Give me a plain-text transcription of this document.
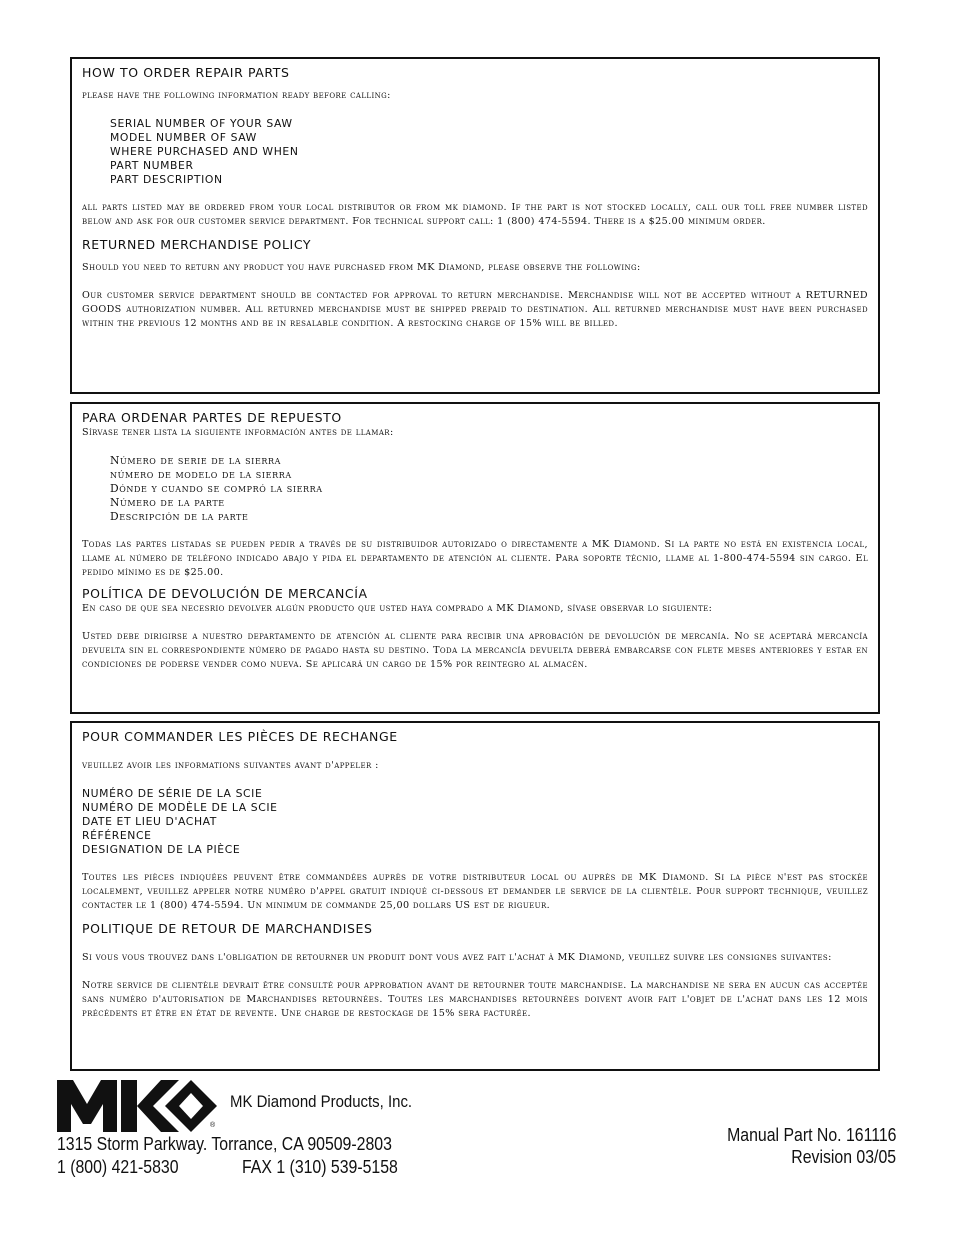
HOW TO ORDER REPAIR PARTS

please have the following information ready before calling:

SERIAL NUMBER OF YOUR SAW
MODEL NUMBER OF SAW
WHERE PURCHASED AND WHEN
PART NUMBER
PART DESCRIPTION

all parts listed may be ordered from your local distributor or from mk diamond. If the part is not stocked locally, call our toll free number listed below and ask for our customer service department. For technical support call: 1 (800) 474-5594. There is a $25.00 minimum order.

RETURNED MERCHANDISE POLICY

Should you need to return any product you have purchased from MK Diamond, please observe the following:

Our customer service department should be contacted for approval to return merchandise. Merchandise will not be accepted without a RETURNED GOODS authorization number. All returned merchandise must be shipped prepaid to destination. All returned merchandise must have been purchased within the previous 12 months and be in resalable condition. A restocking charge of 15% will be billed.

PARA ORDENAR PARTES DE REPUESTO

Sírvase tener lista la siguiente información antes de llamar:

Número de serie de la sierra
número de modelo de la sierra
Dónde y cuando se compró la sierra
Número de la parte
Descripción de la parte

Todas las partes listadas se pueden pedir a través de su distribuidor autorizado o directamente a MK Diamond. Si la parte no está en existencia local, llame al número de teléfono indicado abajo y pida el departamento de atención al cliente. Para soporte técnio, llame al 1-800-474-5594 sin cargo. El pedido mínimo es de $25.00.

POLÍTICA DE DEVOLUCIÓN DE MERCANCÍA

En caso de que sea necesrio devolver algún producto que usted haya comprado a MK Diamond, sívase observar lo siguiente:

Usted debe dirigirse a nuestro departamento de atención al cliente para recibir una aprobación de devolución de mercanía. No se aceptará mercancía devuelta sin el correspondiente número de pagado hasta su destino. Toda la mercancía devuelta deberá embarcarse con flete meses anteriores y estar en condiciones de poderse vender como nueva. Se aplicará un cargo de 15% por reintegro al almacén.

POUR COMMANDER LES PIÈCES DE RECHANGE

veuillez avoir les informations suivantes avant d'appeler :

NUMÉRO DE SÉRIE DE LA SCIE
NUMÉRO DE MODÈLE DE LA SCIE
DATE ET LIEU D'ACHAT
RÉFÉRENCE
DESIGNATION DE LA PIÈCE

Toutes les pièces indiquées peuvent être commandées auprès de votre distributeur local ou auprès de MK Diamond. Si la pièce n'est pas stockée localement, veuillez appeler notre numéro d'appel gratuit indiqué ci-dessous et demander le service de la clientèle. Pour support technique, veuillez contacter le 1 (800) 474-5594. Un minimum de commande 25,00 dollars US est de rigueur.

POLITIQUE DE RETOUR DE MARCHANDISES

Si vous vous trouvez dans l'obligation de retourner un produit dont vous avez fait l'achat à MK Diamond, veuillez suivre les consignes suivantes:

Notre service de clientèle devrait être consulté pour approbation avant de retourner toute marchandise. La marchandise ne sera en aucun cas acceptée sans numéro d'autorisation de Marchandises retournées. Toutes les marchandises retournées doivent avoir fait l'objet de l'achat dans les 12 mois précédents et être en état de revente. Une charge de restockage de 15% sera facturée.

®
MK Diamond Products, Inc.
1315 Storm Parkway. Torrance, CA 90509-2803
1 (800) 421-5830	FAX 1 (310) 539-5158
Manual Part No. 161116
Revision 03/05
